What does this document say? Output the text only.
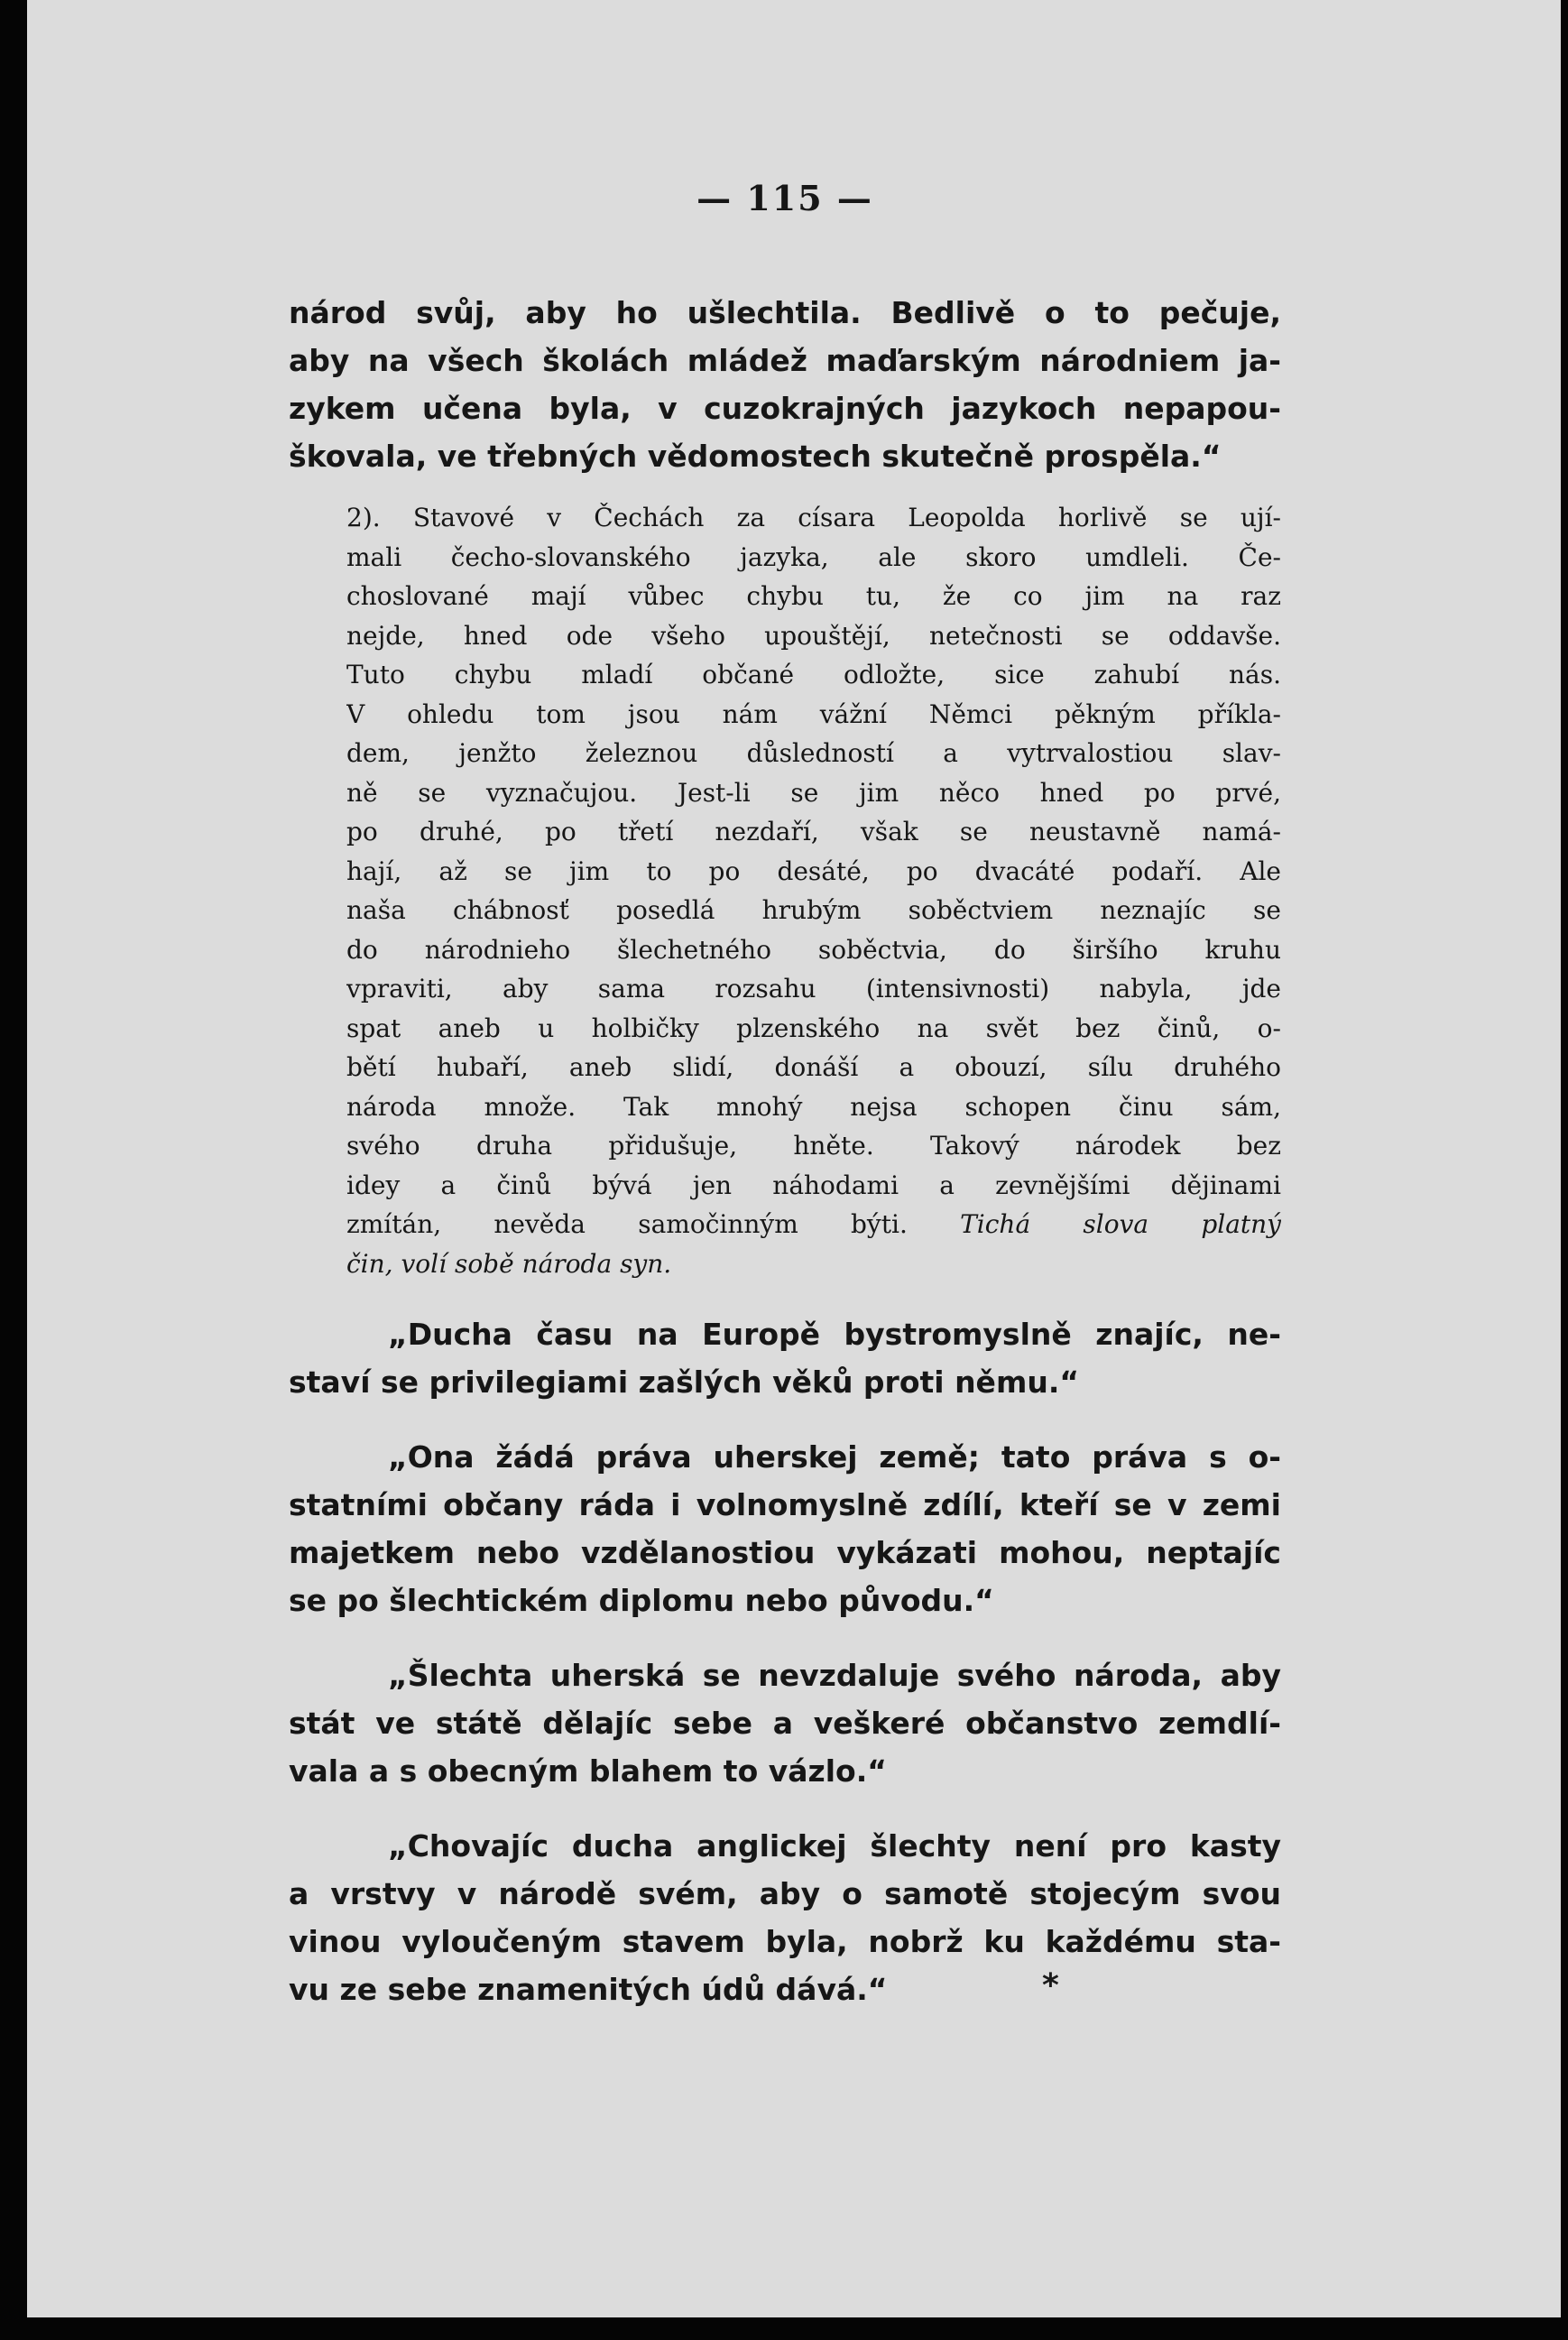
— 115 —
národ svůj, aby ho ušlechtila. Bedlivě o to pečuje,
aby na všech školách mládež maďarským národniem ja-
zykem učena byla, v cuzokrajných jazykoch nepapou-
škovala, ve třebných vědomostech skutečně prospěla.“
2). Stavové v Čechách za císara Leopolda horlivě se ují-
mali čecho-slovanského jazyka, ale skoro umdleli. Če-
choslované mají vůbec chybu tu, že co jim na raz
nejde, hned ode všeho upouštějí, netečnosti se oddavše.
Tuto chybu mladí občané odložte, sice zahubí nás.
V ohledu tom jsou nám vážní Němci pěkným příkla-
dem, jenžto železnou důsledností a vytrvalostiou slav-
ně se vyznačujou. Jest-li se jim něco hned po prvé,
po druhé, po třetí nezdaří, však se neustavně namá-
hají, až se jim to po desáté, po dvacáté podaří. Ale
naša chábnosť posedlá hrubým soběctviem neznajíc se
do národnieho šlechetného soběctvia, do širšího kruhu
vpraviti, aby sama rozsahu (intensivnosti) nabyla, jde
spat aneb u holbičky plzenského na svět bez činů, o-
bětí hubaří, aneb slidí, donáší a obouzí, sílu druhého
národa množe. Tak mnohý nejsa schopen činu sám,
svého druha přidušuje, hněte. Takový národek bez
idey a činů bývá jen náhodami a zevnějšími dějinami
zmítán, nevěda samočinným býti. Tichá slova platný
čin, volí sobě národa syn.
„Ducha času na Europě bystromyslně znajíc, ne-
staví se privilegiami zašlých věků proti němu.“
„Ona žádá práva uherskej země; tato práva s o-
statními občany ráda i volnomyslně zdílí, kteří se v zemi
majetkem nebo vzdělanostiou vykázati mohou, neptajíc
se po šlechtickém diplomu nebo původu.“
„Šlechta uherská se nevzdaluje svého národa, aby
stát ve státě dělajíc sebe a veškeré občanstvo zemdlí-
vala a s obecným blahem to vázlo.“
„Chovajíc ducha anglickej šlechty není pro kasty
a vrstvy v národě svém, aby o samotě stojecým svou
vinou vyloučeným stavem byla, nobrž ku každému sta-
vu ze sebe znamenitých údů dává.“	*
